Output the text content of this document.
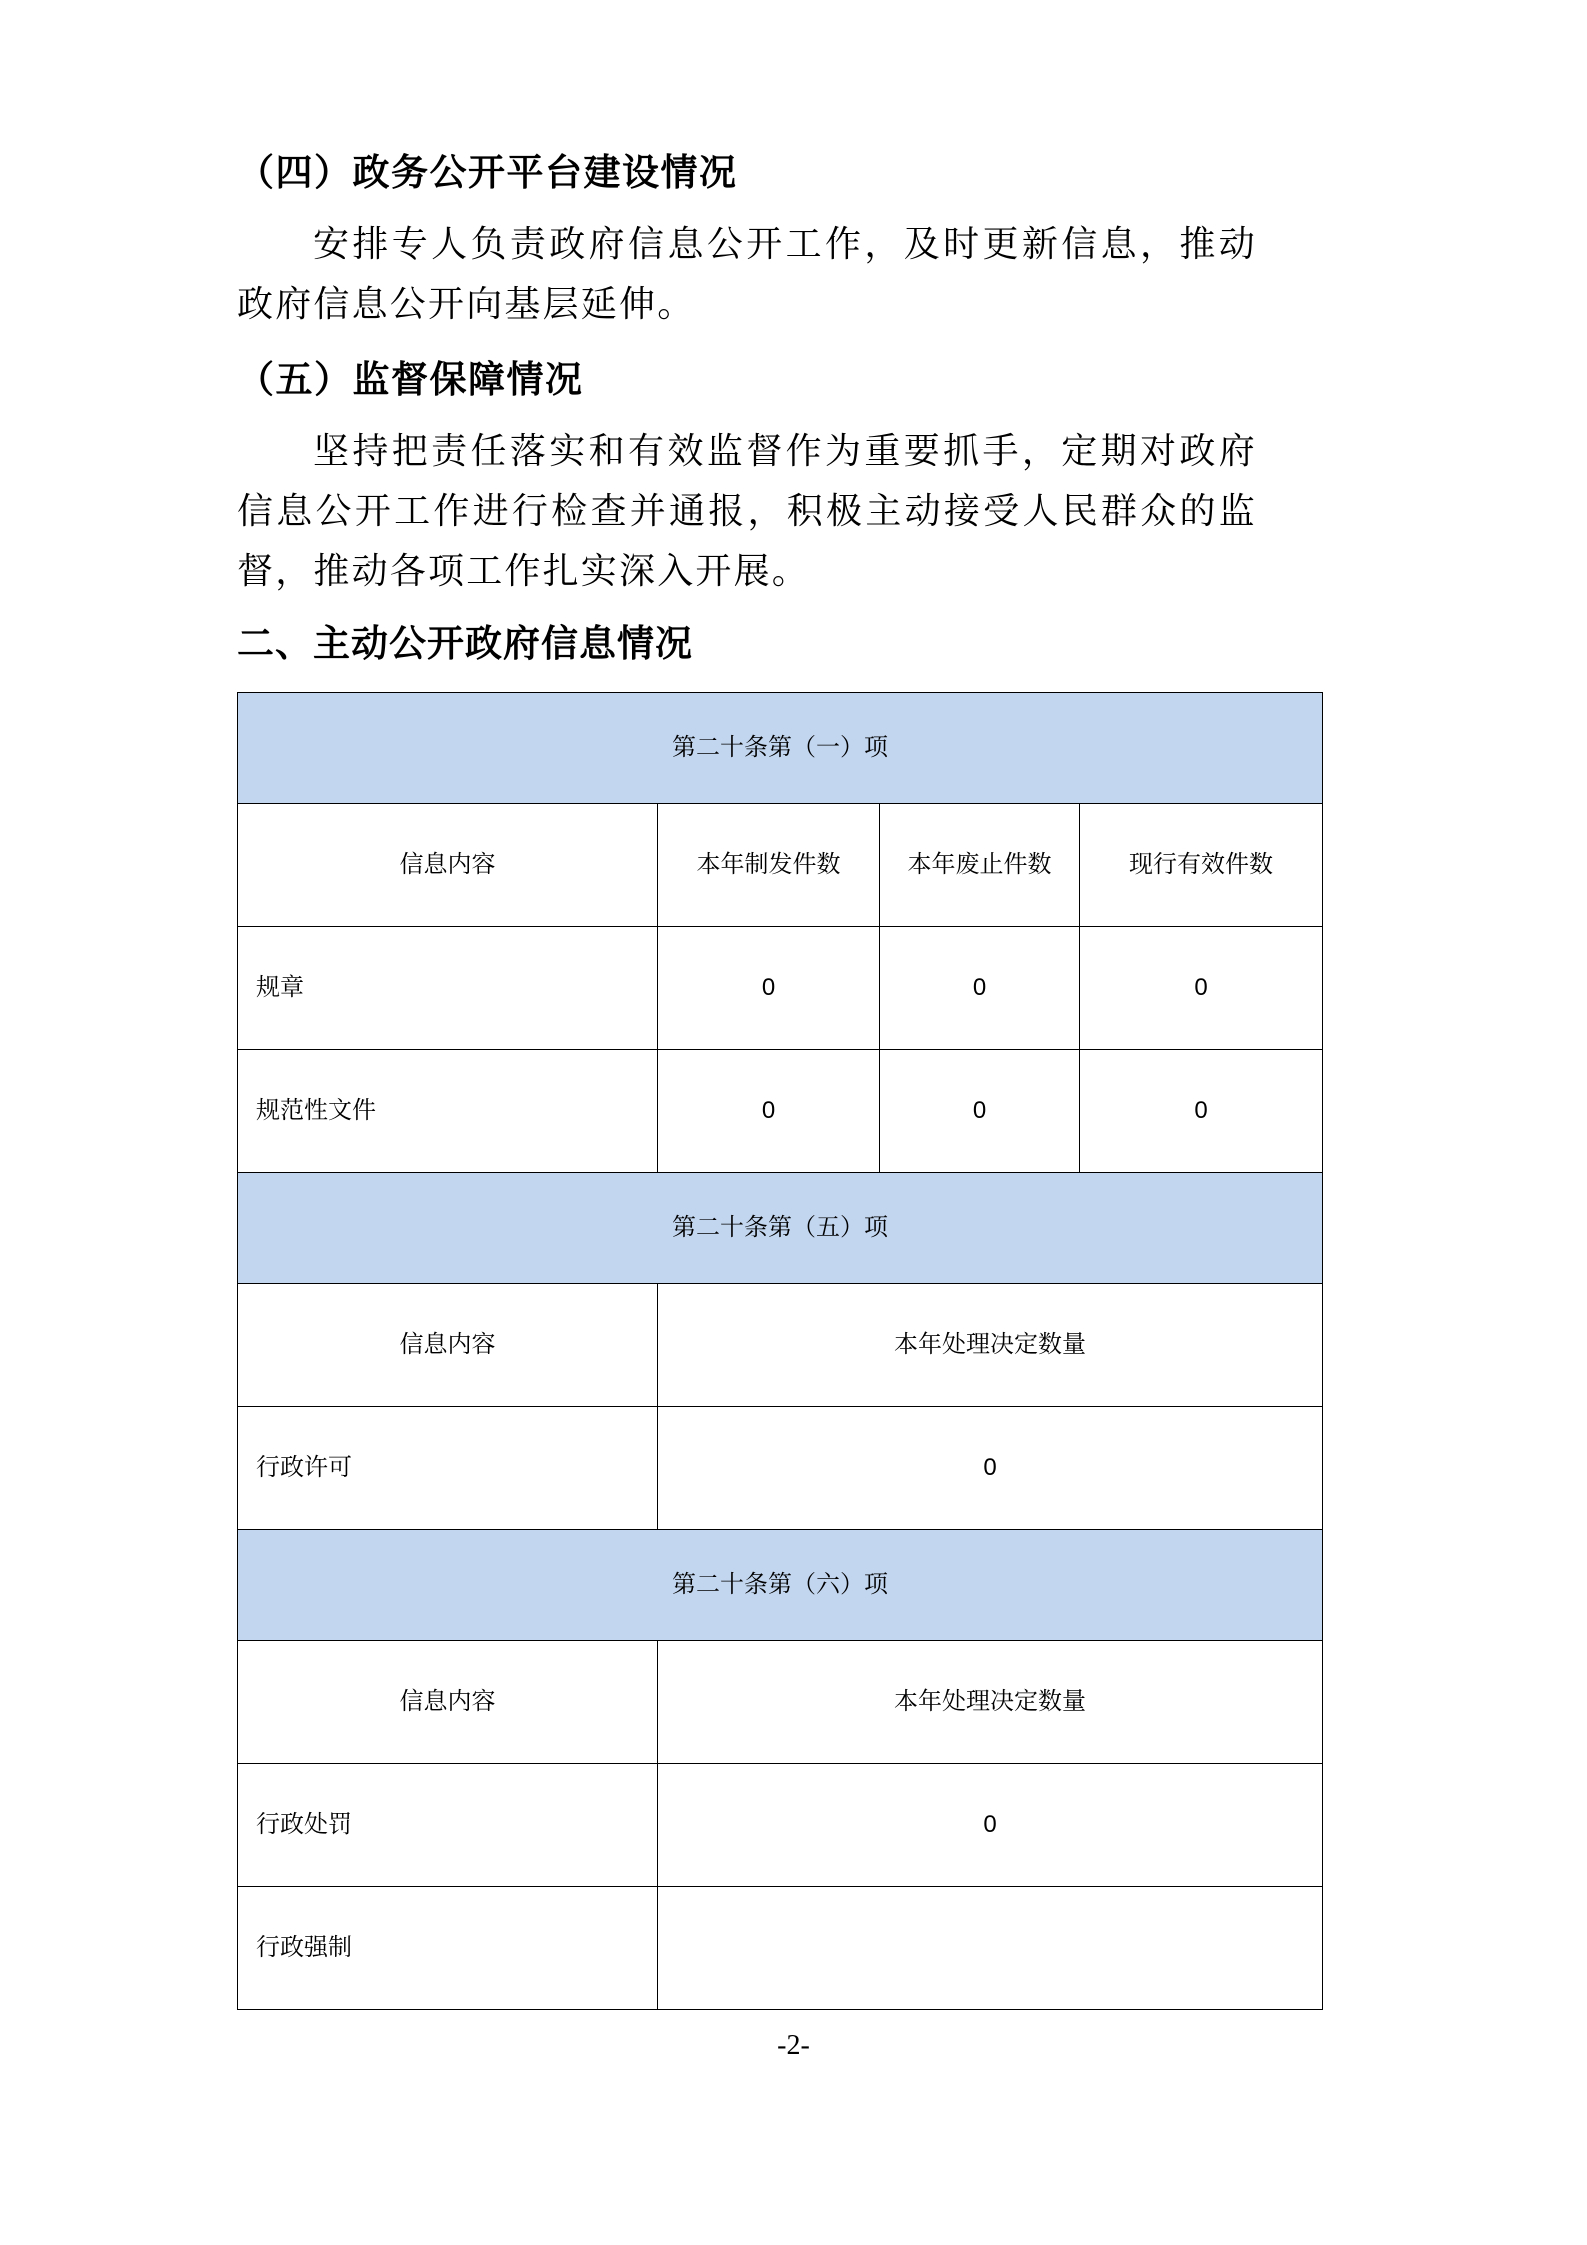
（四）政务公开平台建设情况

安排专人负责政府信息公开工作，及时更新信息，推动政府信息公开向基层延伸。

（五）监督保障情况

坚持把责任落实和有效监督作为重要抓手，定期对政府信息公开工作进行检查并通报，积极主动接受人民群众的监督，推动各项工作扎实深入开展。

二、主动公开政府信息情况
第二十条第（一）项			
信息内容	本年制发件数	本年废止件数	现行有效件数
规章	0	0	0
规范性文件	0	0	0
第二十条第（五）项			
信息内容	本年处理决定数量		
行政许可	0		
第二十条第（六）项			
信息内容	本年处理决定数量		
行政处罚	0		
行政强制			
-2-
